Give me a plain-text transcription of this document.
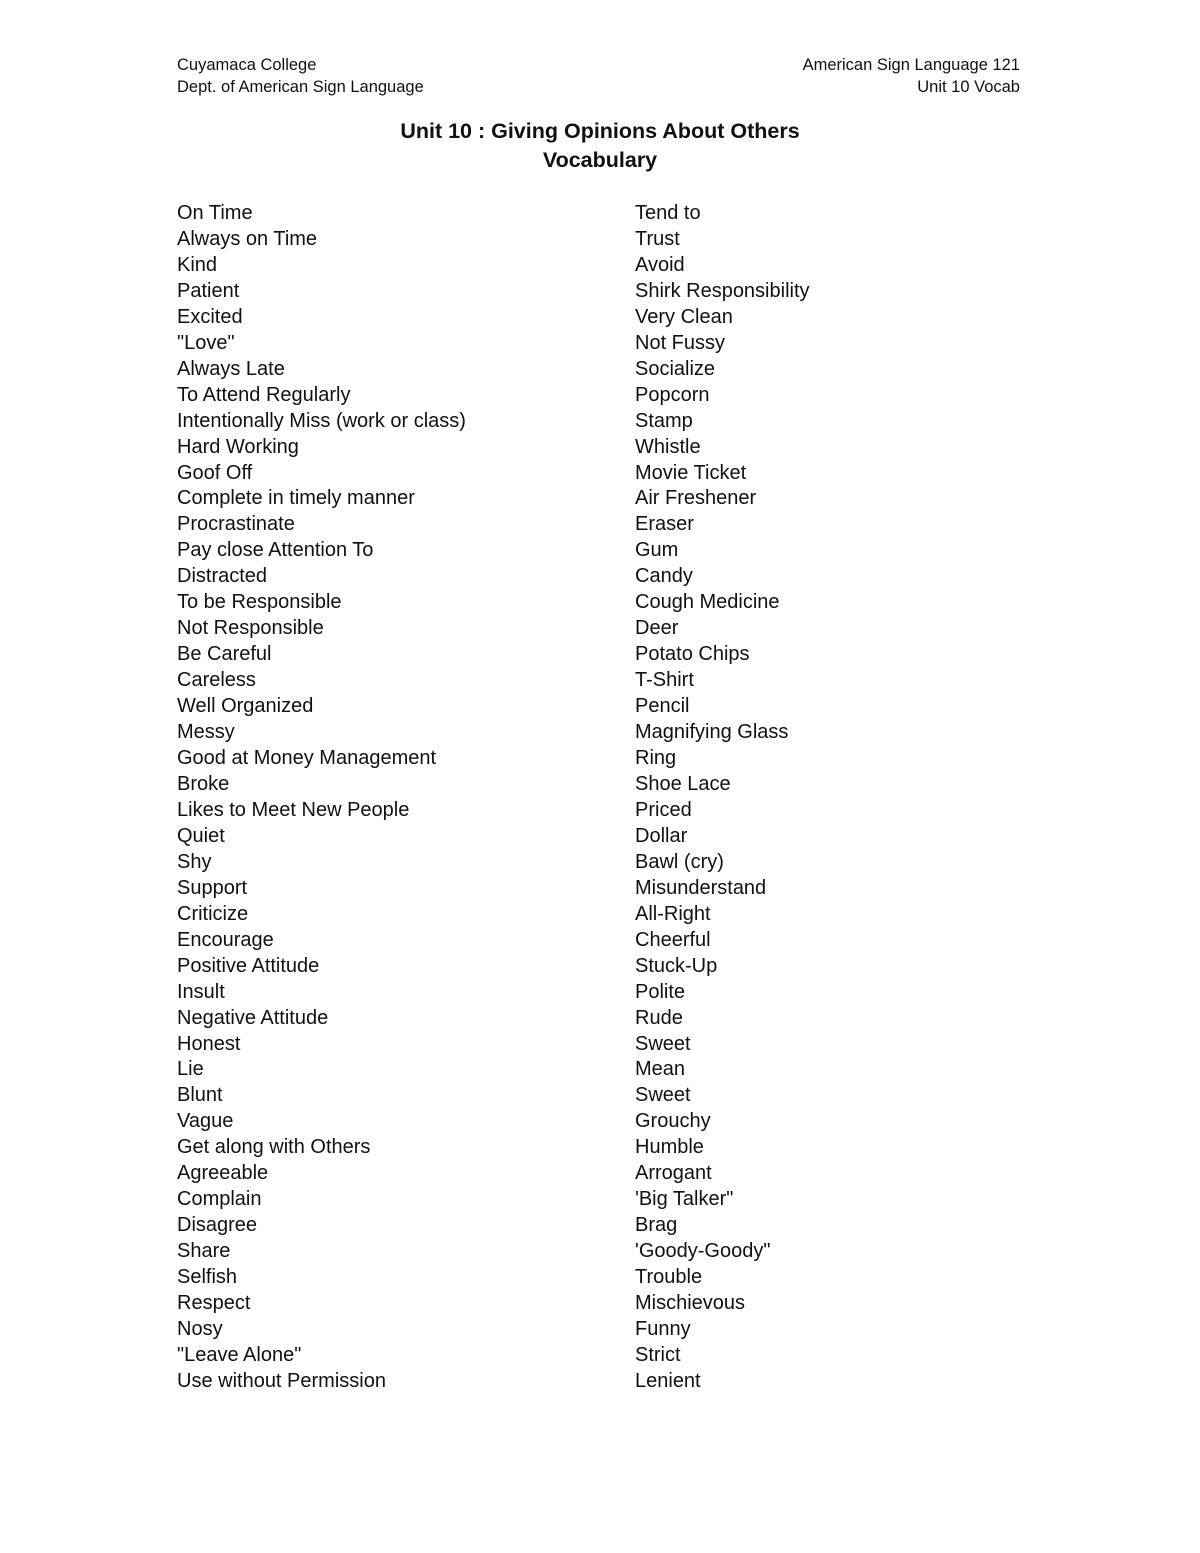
Cuyamaca College
Dept. of American Sign Language
American Sign Language 121
Unit 10 Vocab
Unit 10 : Giving Opinions About Others
Vocabulary
On Time
Always on Time
Kind
Patient
Excited
"Love"
Always Late
To Attend Regularly
Intentionally Miss (work or class)
Hard Working
Goof Off
Complete in timely manner
Procrastinate
Pay close Attention To
Distracted
To be Responsible
Not Responsible
Be Careful
Careless
Well Organized
Messy
Good at Money Management
Broke
Likes to Meet New People
Quiet
Shy
Support
Criticize
Encourage
Positive Attitude
Insult
Negative Attitude
Honest
Lie
Blunt
Vague
Get along with Others
Agreeable
Complain
Disagree
Share
Selfish
Respect
Nosy
"Leave Alone"
Use without Permission
Tend to
Trust
Avoid
Shirk Responsibility
Very Clean
Not Fussy
Socialize
Popcorn
Stamp
Whistle
Movie Ticket
Air Freshener
Eraser
Gum
Candy
Cough Medicine
Deer
Potato Chips
T-Shirt
Pencil
Magnifying Glass
Ring
Shoe Lace
Priced
Dollar
Bawl (cry)
Misunderstand
All-Right
Cheerful
Stuck-Up
Polite
Rude
Sweet
Mean
Sweet
Grouchy
Humble
Arrogant
'Big Talker"
Brag
'Goody-Goody"
Trouble
Mischievous
Funny
Strict
Lenient
